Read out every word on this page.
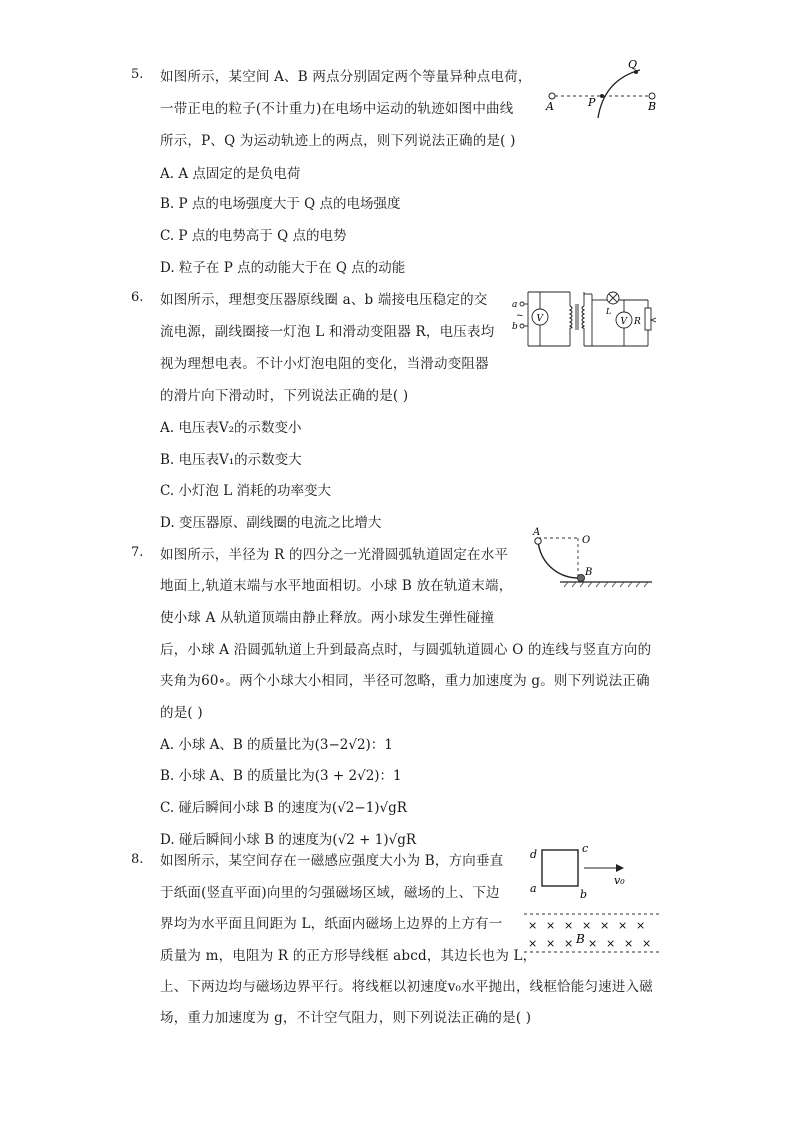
5. 如图所示，某空间 A、B 两点分别固定两个等量异种点电荷，
一带正电的粒子(不计重力)在电场中运动的轨迹如图中曲线
所示，P、Q 为运动轨迹上的两点，则下列说法正确的是( )
A. A 点固定的是负电荷
B. P 点的电场强度大于 Q 点的电场强度
C. P 点的电势高于 Q 点的电势
D. 粒子在 P 点的动能大于在 Q 点的动能
A	B
P
Q
6. 如图所示，理想变压器原线圈 a、b 端接电压稳定的交
流电源，副线圈接一灯泡 L 和滑动变阻器 R，电压表均
视为理想电表。不计小灯泡电阻的变化，当滑动变阻器
的滑片向下滑动时，下列说法正确的是( )
A. 电压表V₂的示数变小
B. 电压表V₁的示数变大
C. 小灯泡 L 消耗的功率变大
D. 变压器原、副线圈的电流之比增大
V
L
V R
a
b
~
7. 如图所示，半径为 R 的四分之一光滑圆弧轨道固定在水平
地面上,轨道末端与水平地面相切。小球 B 放在轨道末端，
使小球 A 从轨道顶端由静止释放。两小球发生弹性碰撞
后，小球 A 沿圆弧轨道上升到最高点时，与圆弧轨道圆心 O 的连线与竖直方向的
夹角为60∘。两个小球大小相同，半径可忽略，重力加速度为 g。则下列说法正确
的是( )
A. 小球 A、B 的质量比为(3−2√2)：1
B. 小球 A、B 的质量比为(3 + 2√2)：1
C. 碰后瞬间小球 B 的速度为(√2−1)√gR
D. 碰后瞬间小球 B 的速度为(√2 + 1)√gR
A
O
B
8. 如图所示，某空间存在一磁感应强度大小为 B，方向垂直
于纸面(竖直平面)向里的匀强磁场区域，磁场的上、下边
界均为水平面且间距为 L，纸面内磁场上边界的上方有一
质量为 m，电阻为 R 的正方形导线框 abcd，其边长也为 L，
上、下两边均与磁场边界平行。将线框以初速度v₀水平抛出，线框恰能匀速进入磁
场，重力加速度为 g，不计空气阻力，则下列说法正确的是( )
v₀
d	c
a	b
× × × × × × ×
× × × × × × ×
B
